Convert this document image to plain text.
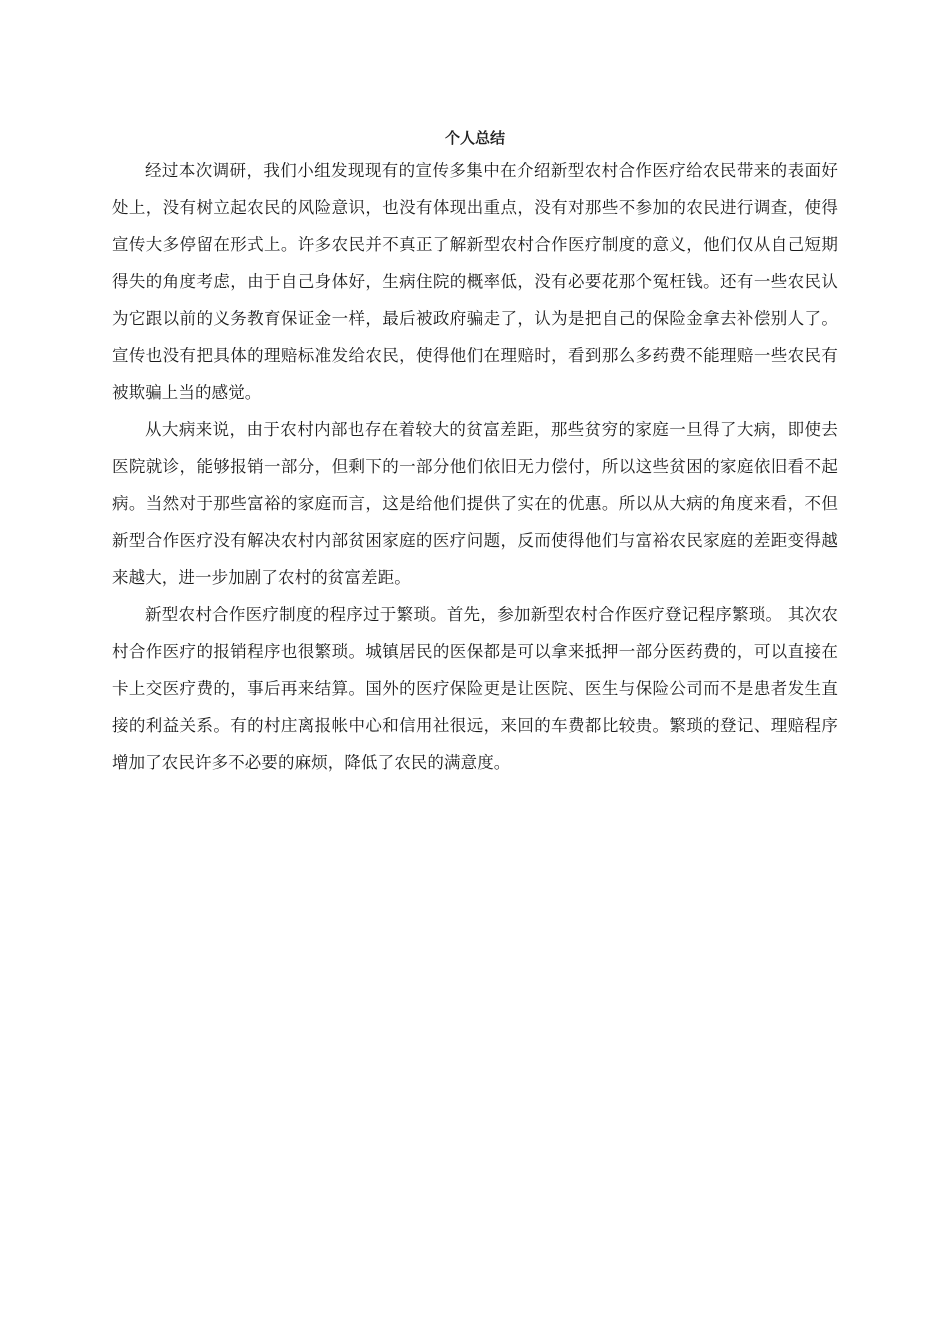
个人总结

经过本次调研，我们小组发现现有的宣传多集中在介绍新型农村合作医疗给农民带来的表面好处上，没有树立起农民的风险意识，也没有体现出重点，没有对那些不参加的农民进行调查，使得宣传大多停留在形式上。许多农民并不真正了解新型农村合作医疗制度的意义，他们仅从自己短期得失的角度考虑，由于自己身体好，生病住院的概率低，没有必要花那个冤枉钱。还有一些农民认为它跟以前的义务教育保证金一样，最后被政府骗走了，认为是把自己的保险金拿去补偿别人了。宣传也没有把具体的理赔标准发给农民，使得他们在理赔时，看到那么多药费不能理赔一些农民有被欺骗上当的感觉。

从大病来说，由于农村内部也存在着较大的贫富差距，那些贫穷的家庭一旦得了大病，即使去医院就诊，能够报销一部分，但剩下的一部分他们依旧无力偿付，所以这些贫困的家庭依旧看不起病。当然对于那些富裕的家庭而言，这是给他们提供了实在的优惠。所以从大病的角度来看，不但新型合作医疗没有解决农村内部贫困家庭的医疗问题，反而使得他们与富裕农民家庭的差距变得越来越大，进一步加剧了农村的贫富差距。

新型农村合作医疗制度的程序过于繁琐。首先，参加新型农村合作医疗登记程序繁琐。 其次农村合作医疗的报销程序也很繁琐。城镇居民的医保都是可以拿来抵押一部分医药费的，可以直接在卡上交医疗费的，事后再来结算。国外的医疗保险更是让医院、医生与保险公司而不是患者发生直接的利益关系。有的村庄离报帐中心和信用社很远，来回的车费都比较贵。繁琐的登记、理赔程序增加了农民许多不必要的麻烦，降低了农民的满意度。
